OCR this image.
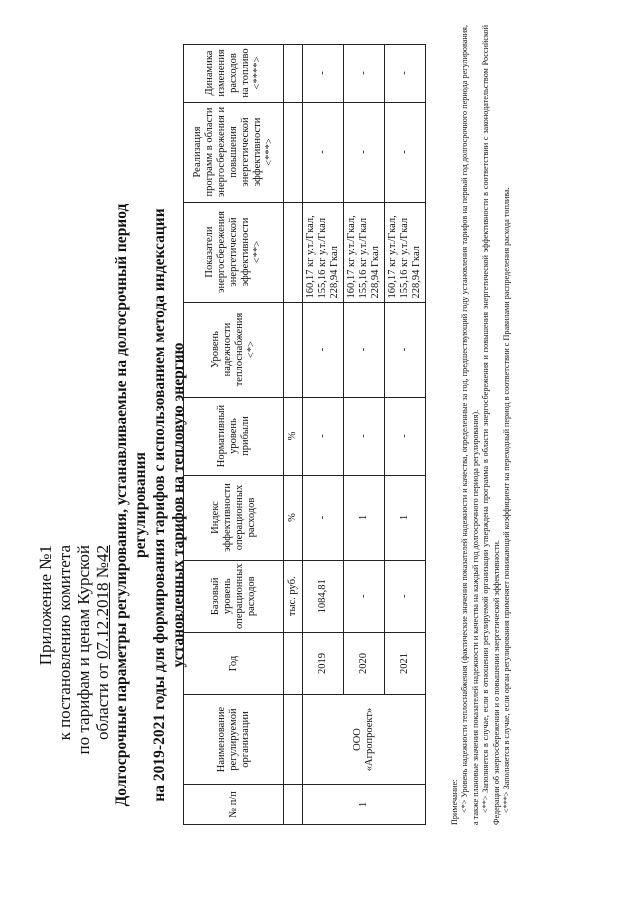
Приложение №1 к постановлению комитета по тарифам и ценам Курской области от 07.12.2018 №42 Долгосрочные параметры регулирования, устанавливаемые на долгосрочный период регулирования на 2019-2021 годы для формирования тарифов с использованием метода индексации установленных тарифов на тепловую энергию
№ п/п	Наименование регулируемой организации	Год	Базовый уровень операционных расходов	Индекс эффективности операционных расходов	Нормативный уровень прибыли	Уровень надежности теплоснабжения <*>	Показатели энергосбережения энергетической эффективности <**>	Реализация программ в области энергосбережения и повышения энергетической эффективности <***>	Динамика изменения расходов на топливо <****>
			тыс. руб.	%	%				
1	ООО «Агропроект»	2019	1084,81	-	-	-	160,17 кг у.т./Гкал, 155,16 кг у.т./Гкал 228,94 Гкал	-	-
		2020	-	1	-	-	160,17 кг у.т./Гкал, 155,16 кг у.т./Гкал 228,94 Гкал	-	-
		2021	-	1	-	-	160,17 кг у.т./Гкал, 155,16 кг у.т./Гкал 228,94 Гкал	-	-

Примечание: <*> Уровень надежности теплоснабжения (фактические значения показателей надежности и качества, определенные за год, предшествующий году установления тарифов на первый год долгосрочного периода регулирования, а также плановые значения показателей надежности и качества на каждый год долгосрочного периода регулирования). <**> Заполняется в случае, если в отношении регулируемой организации утверждена программа в области энергосбережения и повышения энергетической эффективности в соответствии с законодательством Российской Федерации об энергосбережении и о повышении энергетической эффективности. <***> Заполняется в случае, если орган регулирования применяет понижающий коэффициент на переходный период в соответствии с Правилами распределения расхода топлива.
